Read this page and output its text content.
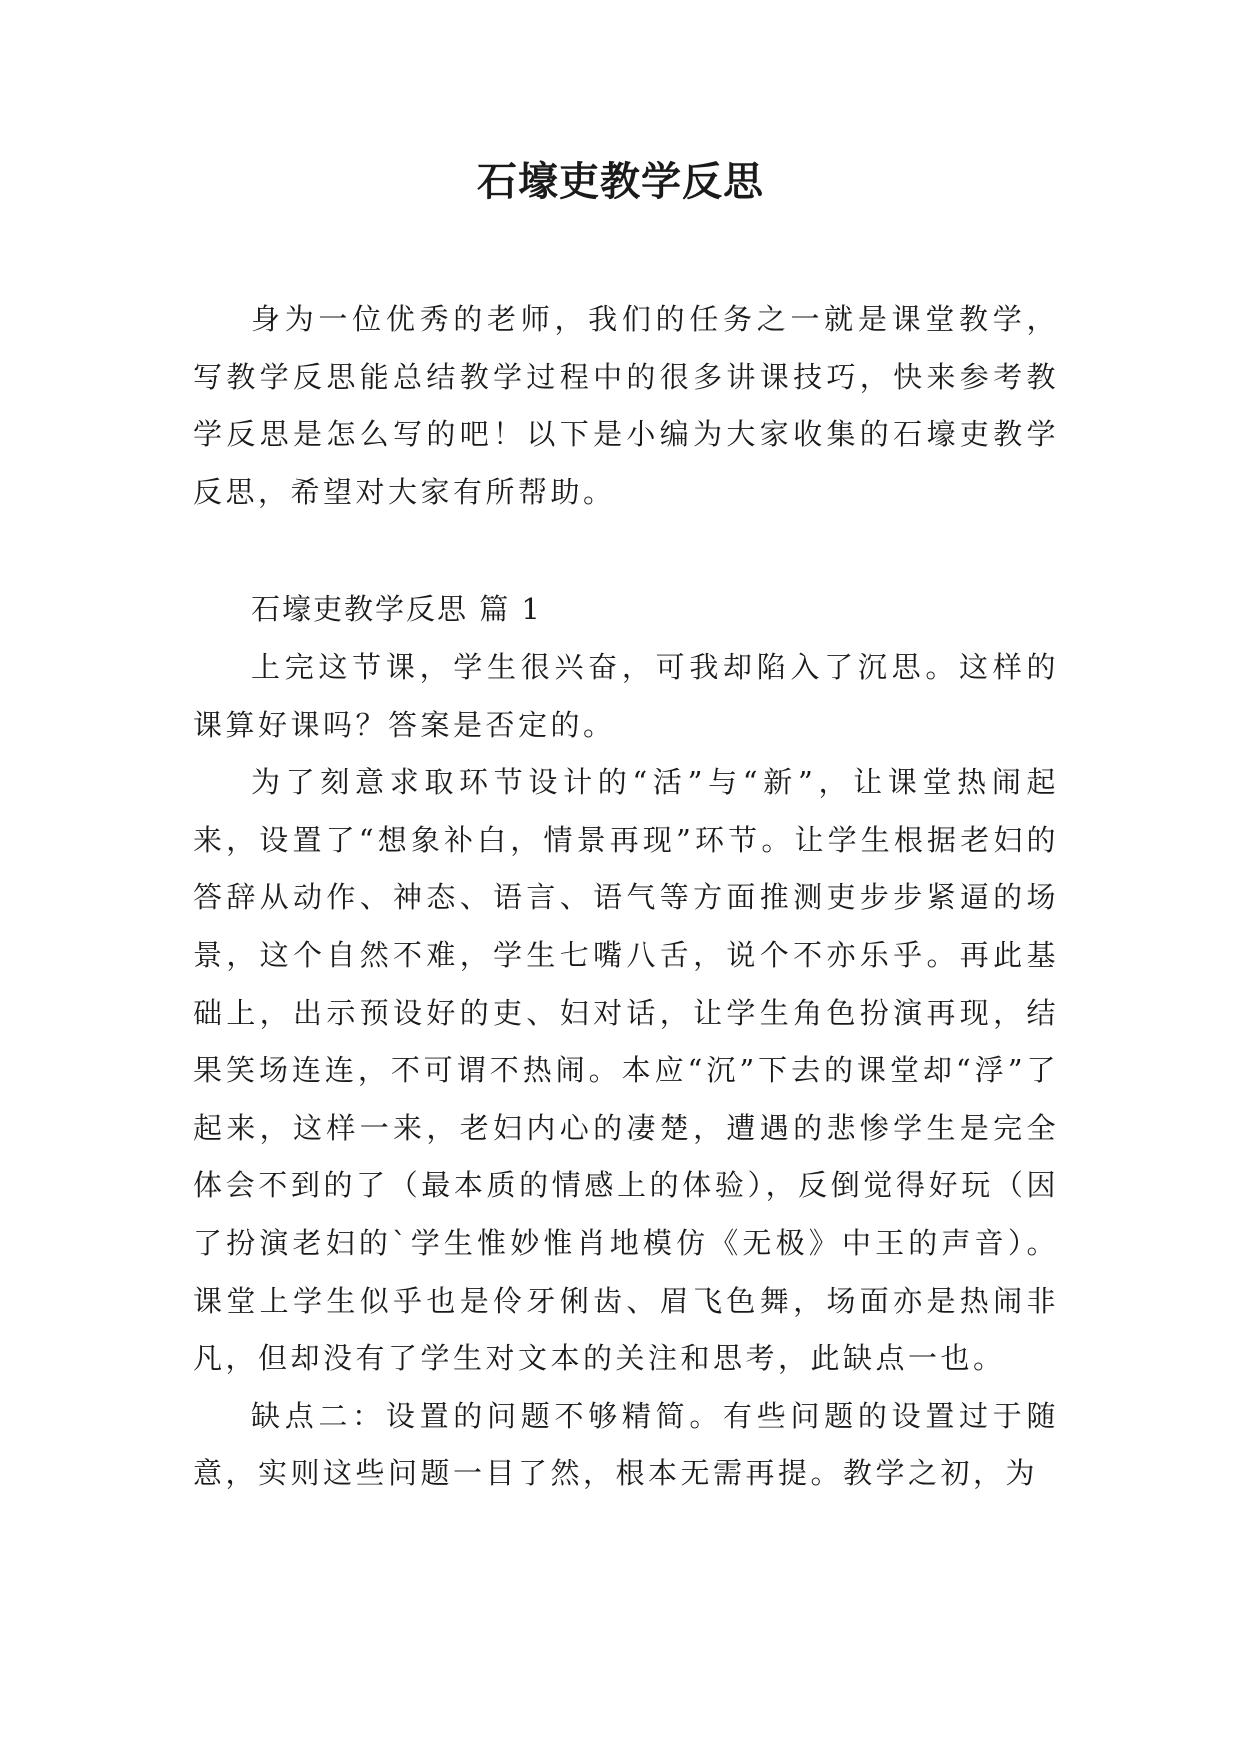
石壕吏教学反思

身为一位优秀的老师，我们的任务之一就是课堂教学，写教学反思能总结教学过程中的很多讲课技巧，快来参考教学反思是怎么写的吧！以下是小编为大家收集的石壕吏教学反思，希望对大家有所帮助。

石壕吏教学反思 篇 1

上完这节课，学生很兴奋，可我却陷入了沉思。这样的课算好课吗？答案是否定的。

为了刻意求取环节设计的“活”与“新”，让课堂热闹起来，设置了“想象补白，情景再现”环节。让学生根据老妇的答辞从动作、神态、语言、语气等方面推测吏步步紧逼的场景，这个自然不难，学生七嘴八舌，说个不亦乐乎。再此基础上，出示预设好的吏、妇对话，让学生角色扮演再现，结果笑场连连，不可谓不热闹。本应“沉”下去的课堂却“浮”了起来，这样一来，老妇内心的凄楚，遭遇的悲惨学生是完全体会不到的了（最本质的情感上的体验），反倒觉得好玩（因了扮演老妇的`学生惟妙惟肖地模仿《无极》中王的声音）。课堂上学生似乎也是伶牙俐齿、眉飞色舞，场面亦是热闹非凡，但却没有了学生对文本的关注和思考，此缺点一也。

缺点二：设置的问题不够精简。有些问题的设置过于随意，实则这些问题一目了然，根本无需再提。教学之初，为
